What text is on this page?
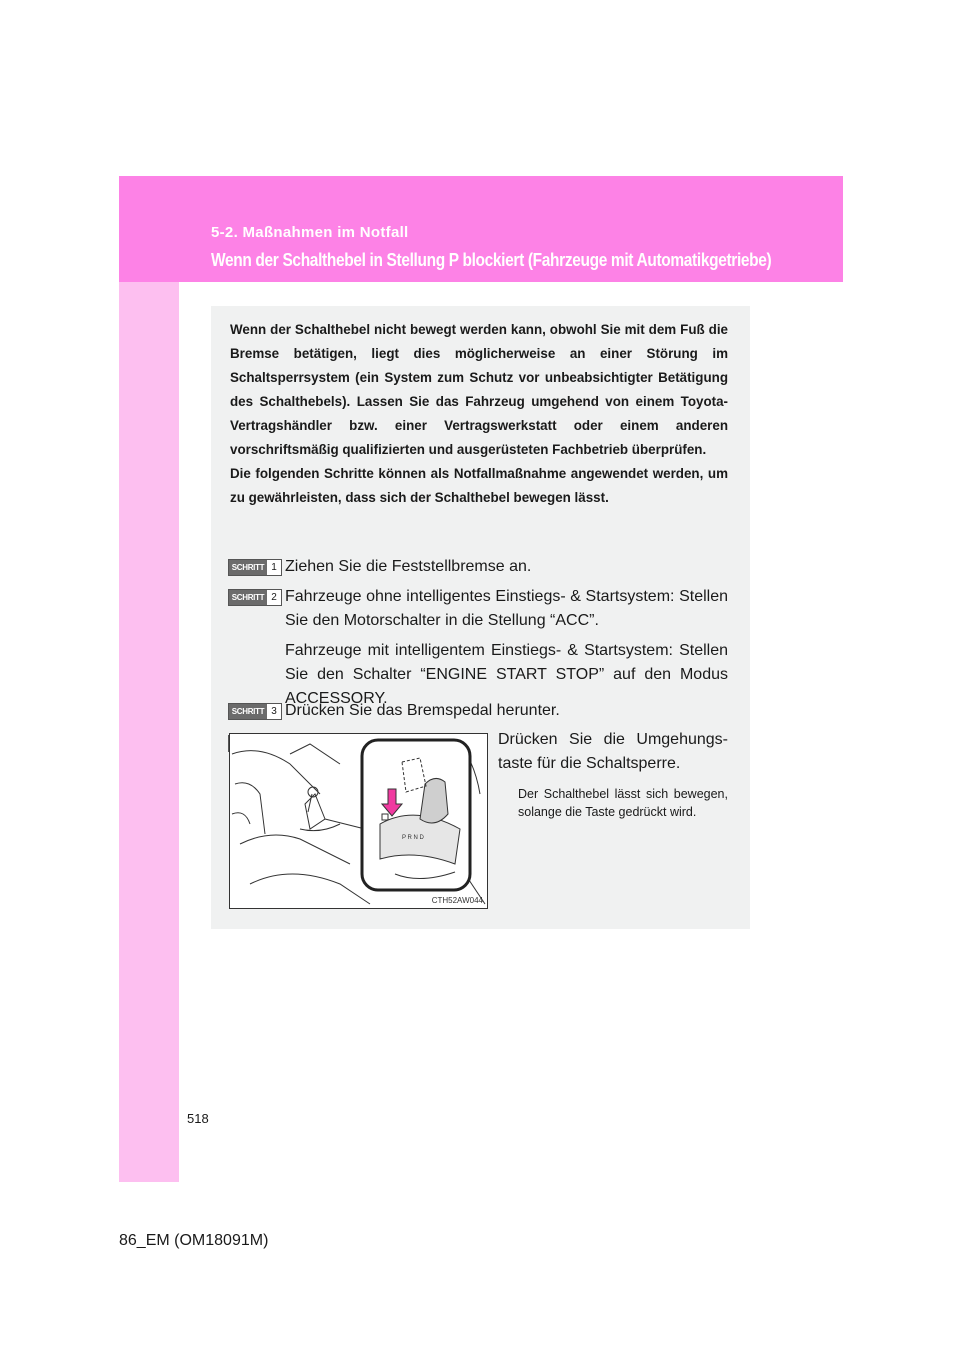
5-2. Maßnahmen im Notfall
Wenn der Schalthebel in Stellung P blockiert (Fahrzeuge mit Automatikgetriebe)

Wenn der Schalthebel nicht bewegt werden kann, obwohl Sie mit dem Fuß die Bremse betätigen, liegt dies möglicherweise an einer Störung im Schaltsperrsystem (ein System zum Schutz vor unbeabsichtigter Betätigung des Schalthebels). Lassen Sie das Fahrzeug umgehend von einem Toyota-Vertragshändler bzw. einer Vertragswerkstatt oder einem anderen vorschriftsmäßig qualifizierten und ausgerüsteten Fachbetrieb überprüfen.

Die folgenden Schritte können als Notfallmaßnahme angewendet werden, um zu gewährleisten, dass sich der Schalthebel bewegen lässt.

SCHRITT 1 Ziehen Sie die Feststellbremse an.

SCHRITT 2 Fahrzeuge ohne intelligentes Einstiegs- & Startsystem: Stellen Sie den Motorschalter in die Stellung “ACC”.

Fahrzeuge mit intelligentem Einstiegs- & Startsystem: Stellen Sie den Schalter “ENGINE START STOP” auf den Modus ACCESSORY.

SCHRITT 3 Drücken Sie das Bremspedal herunter.

P R N D
CTH52AW044
Drücken Sie die Umgehungstaste für die Schaltsperre.
Der Schalthebel lässt sich bewegen, solange die Taste gedrückt wird.
518
86_EM (OM18091M)
